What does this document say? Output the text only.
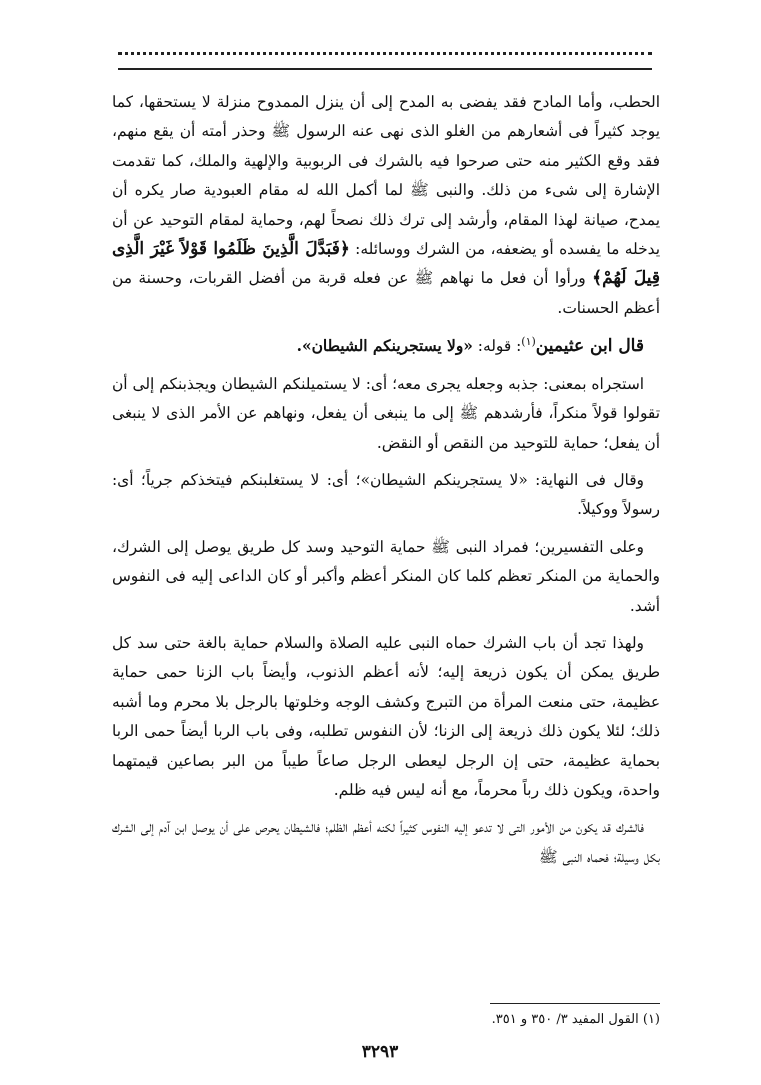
الحطب، وأما المادح فقد يفضى به المدح إلى أن ينزل الممدوح منزلة لا يستحقها، كما يوجد كثيراً فى أشعارهم من الغلو الذى نهى عنه الرسول ﷺ وحذر أمته أن يقع منهم، فقد وقع الكثير منه حتى صرحوا فيه بالشرك فى الربوبية والإلهية والملك، كما تقدمت الإشارة إلى شىء من ذلك. والنبى ﷺ لما أكمل الله له مقام العبودية صار يكره أن يمدح، صيانة لهذا المقام، وأرشد إلى ترك ذلك نصحاً لهم، وحماية لمقام التوحيد عن أن يدخله ما يفسده أو يضعفه، من الشرك ووسائله: ﴿فَبَدَّلَ الَّذِينَ ظَلَمُوا قَوْلاً غَيْرَ الَّذِى قِيلَ لَهُمْ﴾ ورأوا أن فعل ما نهاهم ﷺ عن فعله قربة من أفضل القربات، وحسنة من أعظم الحسنات.

قال ابن عثيمين$^{(١)}$: قوله: «ولا يستجرينكم الشيطان».

استجراه بمعنى: جذبه وجعله يجرى معه؛ أى: لا يستميلنكم الشيطان ويجذبنكم إلى أن تقولوا قولاً منكراً، فأرشدهم ﷺ إلى ما ينبغى أن يفعل، ونهاهم عن الأمر الذى لا ينبغى أن يفعل؛ حماية للتوحيد من النقص أو النقض.

وقال فى النهاية: «لا يستجرينكم الشيطان»؛ أى: لا يستغلبنكم فيتخذكم جرياً؛ أى: رسولاً ووكيلاً.

وعلى التفسيرين؛ فمراد النبى ﷺ حماية التوحيد وسد كل طريق يوصل إلى الشرك، والحماية من المنكر تعظم كلما كان المنكر أعظم وأكبر أو كان الداعى إليه فى النفوس أشد.

ولهذا تجد أن باب الشرك حماه النبى عليه الصلاة والسلام حماية بالغة حتى سد كل طريق يمكن أن يكون ذريعة إليه؛ لأنه أعظم الذنوب، وأيضاً باب الزنا حمى حماية عظيمة، حتى منعت المرأة من التبرج وكشف الوجه وخلوتها بالرجل بلا محرم وما أشبه ذلك؛ لئلا يكون ذلك ذريعة إلى الزنا؛ لأن النفوس تطلبه، وفى باب الربا أيضاً حمى الربا بحماية عظيمة، حتى إن الرجل ليعطى الرجل صاعاً طيباً من البر بصاعين قيمتهما واحدة، ويكون ذلك رباً محرماً، مع أنه ليس فيه ظلم.

فالشرك قد يكون من الأمور التى لا تدعو إليه النفوس كثيراً لكنه أعظم الظلم؛ فالشيطان يحرص على أن يوصل ابن آدم إلى الشرك بكل وسيلة؛ فحماه النبى ﷺ

(١) القول المفيد ٣/ ٣٥٠ و ٣٥١.
٣٢٩٣
